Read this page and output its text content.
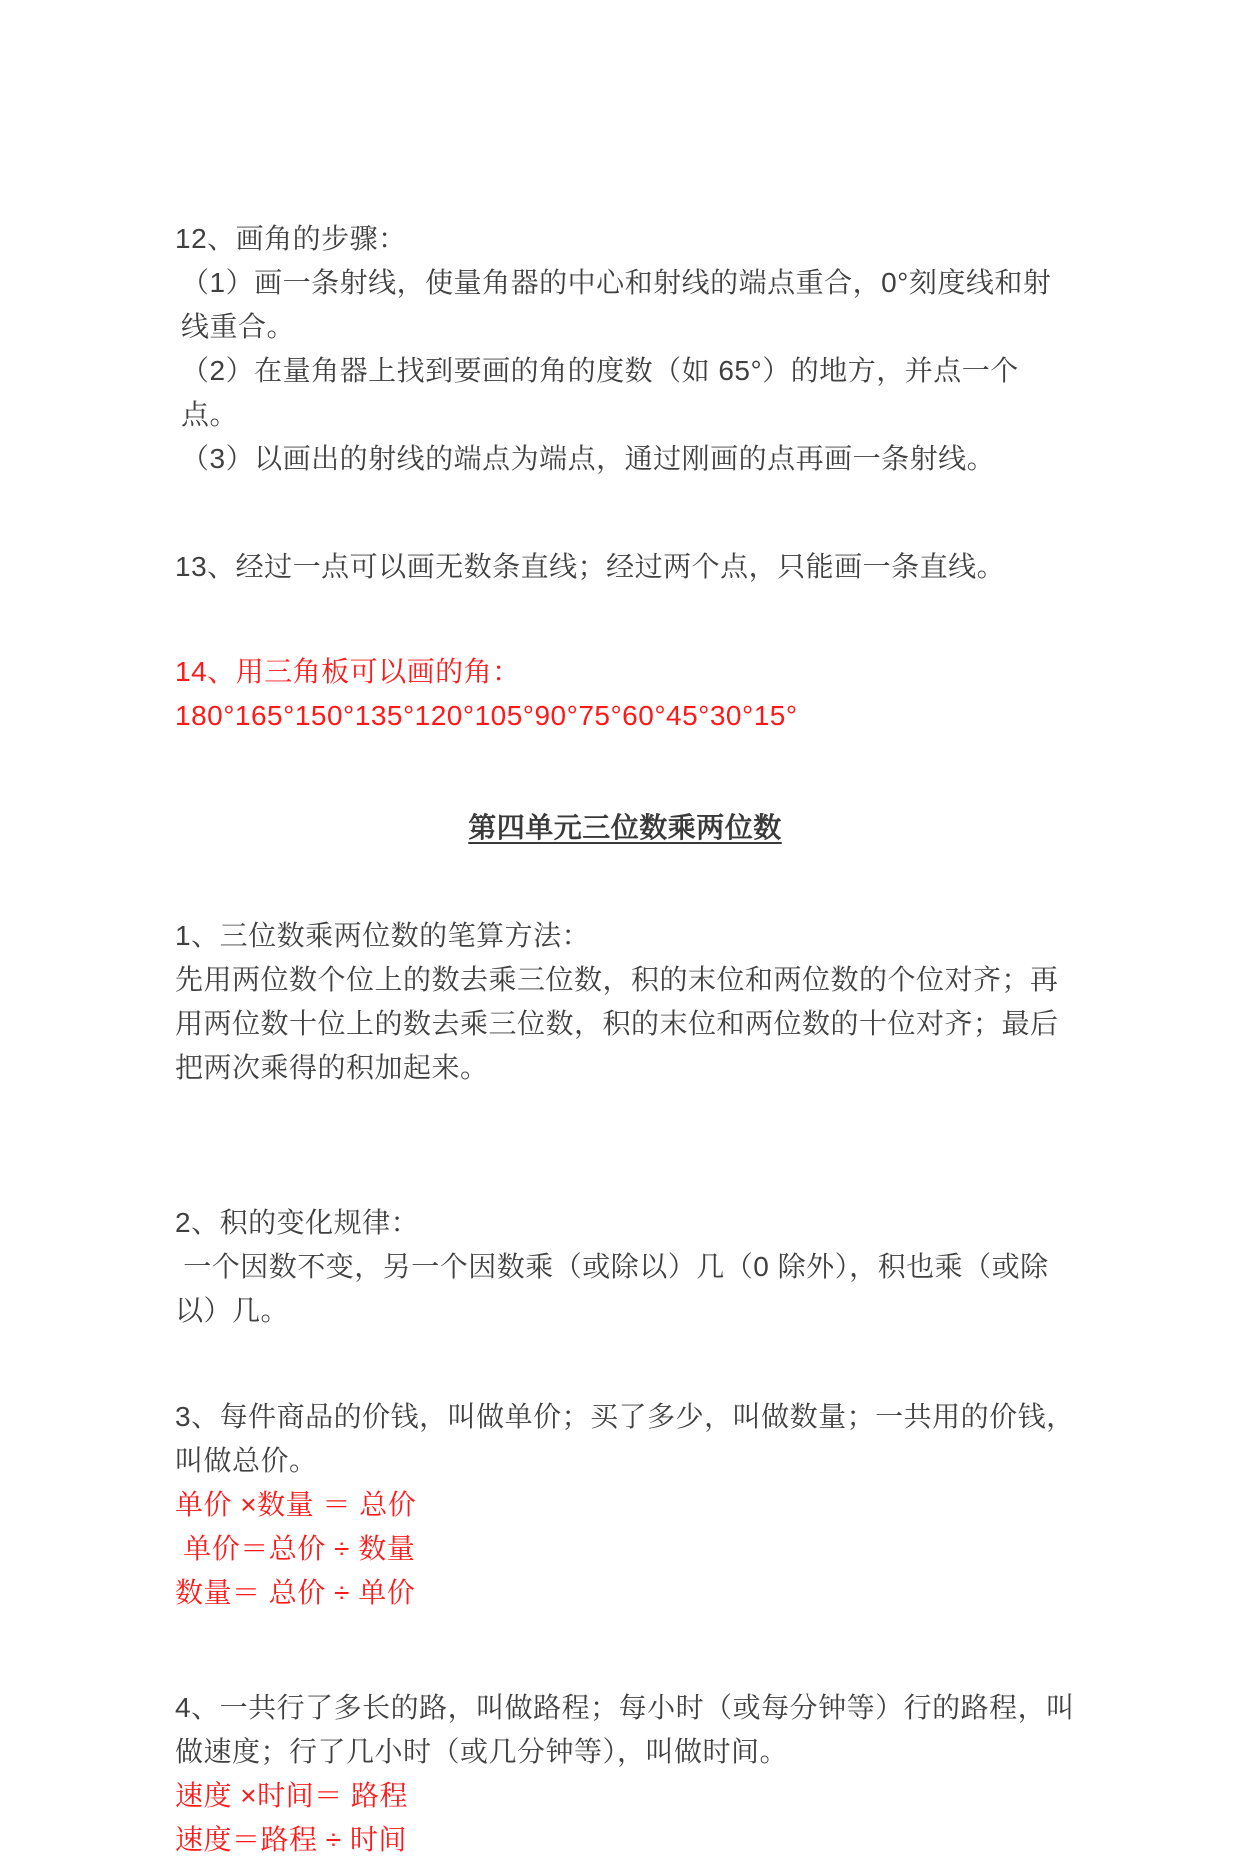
12、画角的步骤：
（1）画一条射线，使量角器的中心和射线的端点重合，0°刻度线和射线重合。
（2）在量角器上找到要画的角的度数（如 65°）的地方，并点一个点。
（3）以画出的射线的端点为端点，通过刚画的点再画一条射线。
13、经过一点可以画无数条直线；经过两个点，只能画一条直线。
14、用三角板可以画的角：180°165°150°135°120°105°90°75°60°45°30°15°
第四单元三位数乘两位数
1、三位数乘两位数的笔算方法：
先用两位数个位上的数去乘三位数，积的末位和两位数的个位对齐；再用两位数十位上的数去乘三位数，积的末位和两位数的十位对齐；最后把两次乘得的积加起来。
2、积的变化规律：
一个因数不变，另一个因数乘（或除以）几（0 除外），积也乘（或除以）几。
3、每件商品的价钱，叫做单价；买了多少，叫做数量；一共用的价钱，叫做总价。
单价 ×数量 ＝ 总价
单价＝总价 ÷ 数量
数量＝ 总价 ÷ 单价
4、一共行了多长的路，叫做路程；每小时（或每分钟等）行的路程，叫做速度；行了几小时（或几分钟等），叫做时间。
速度 ×时间＝ 路程
速度＝路程 ÷ 时间
